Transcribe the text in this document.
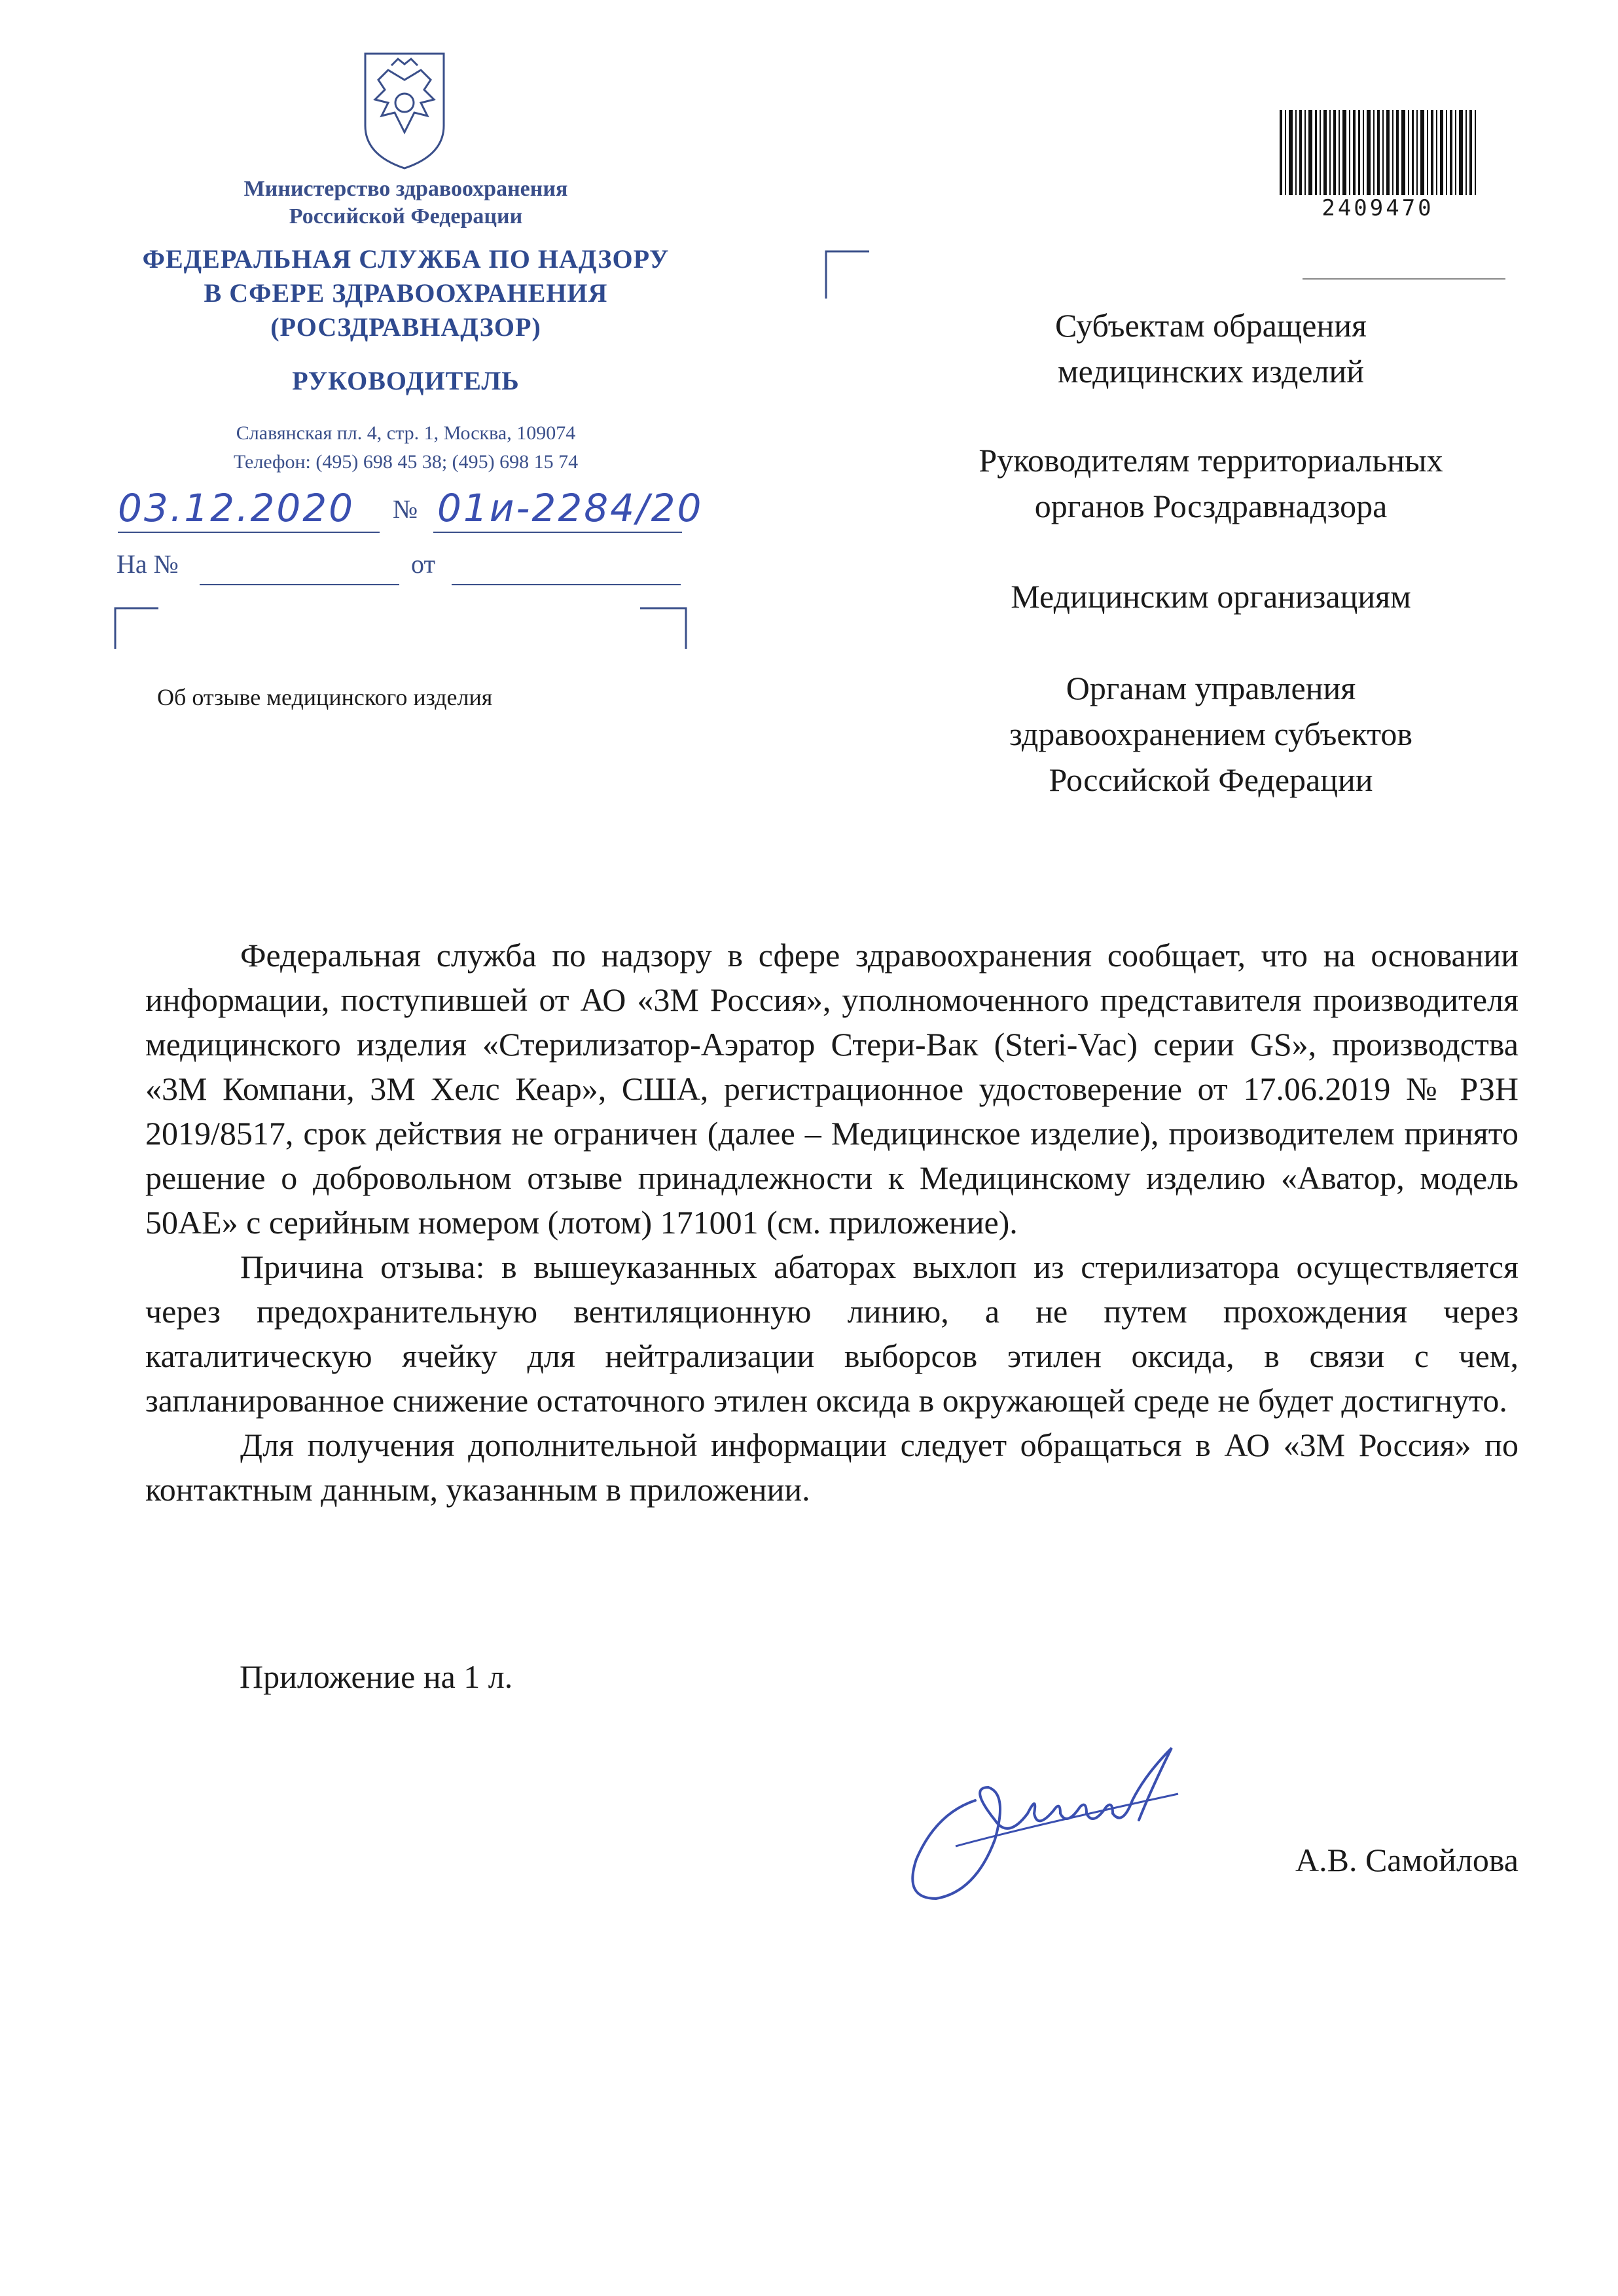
Министерство здравоохранения
Российской Федерации
ФЕДЕРАЛЬНАЯ СЛУЖБА ПО НАДЗОРУ
В СФЕРЕ ЗДРАВООХРАНЕНИЯ
(РОСЗДРАВНАДЗОР)
РУКОВОДИТЕЛЬ
Славянская пл. 4, стр. 1, Москва, 109074
Телефон: (495) 698 45 38; (495) 698 15 74
03.12.2020 № 01и-2284/20
На №	от
Об отзыве медицинского изделия
2409470
Субъектам обращения
медицинских изделий
Руководителям территориальных
органов Росздравнадзора
Медицинским организациям
Органам управления
здравоохранением субъектов
Российской Федерации

Федеральная служба по надзору в сфере здравоохранения сообщает, что на основании информации, поступившей от АО «3М Россия», уполномоченного представителя производителя медицинского изделия «Стерилизатор-Аэратор Стери-Вак (Steri-Vac) серии GS», производства «3М Компани, 3М Хелс Кеар», США, регистрационное удостоверение от 17.06.2019 № РЗН 2019/8517, срок действия не ограничен (далее – Медицинское изделие), производителем принято решение о добровольном отзыве принадлежности к Медицинскому изделию «Аватор, модель 50АЕ» с серийным номером (лотом) 171001 (см. приложение).

Причина отзыва: в вышеуказанных абаторах выхлоп из стерилизатора осуществляется через предохранительную вентиляционную линию, а не путем прохождения через каталитическую ячейку для нейтрализации выборсов этилен оксида, в связи с чем, запланированное снижение остаточного этилен оксида в окружающей среде не будет достигнуто.

Для получения дополнительной информации следует обращаться в АО «3М Россия» по контактным данным, указанным в приложении.

Приложение на 1 л.
А.В. Самойлова
